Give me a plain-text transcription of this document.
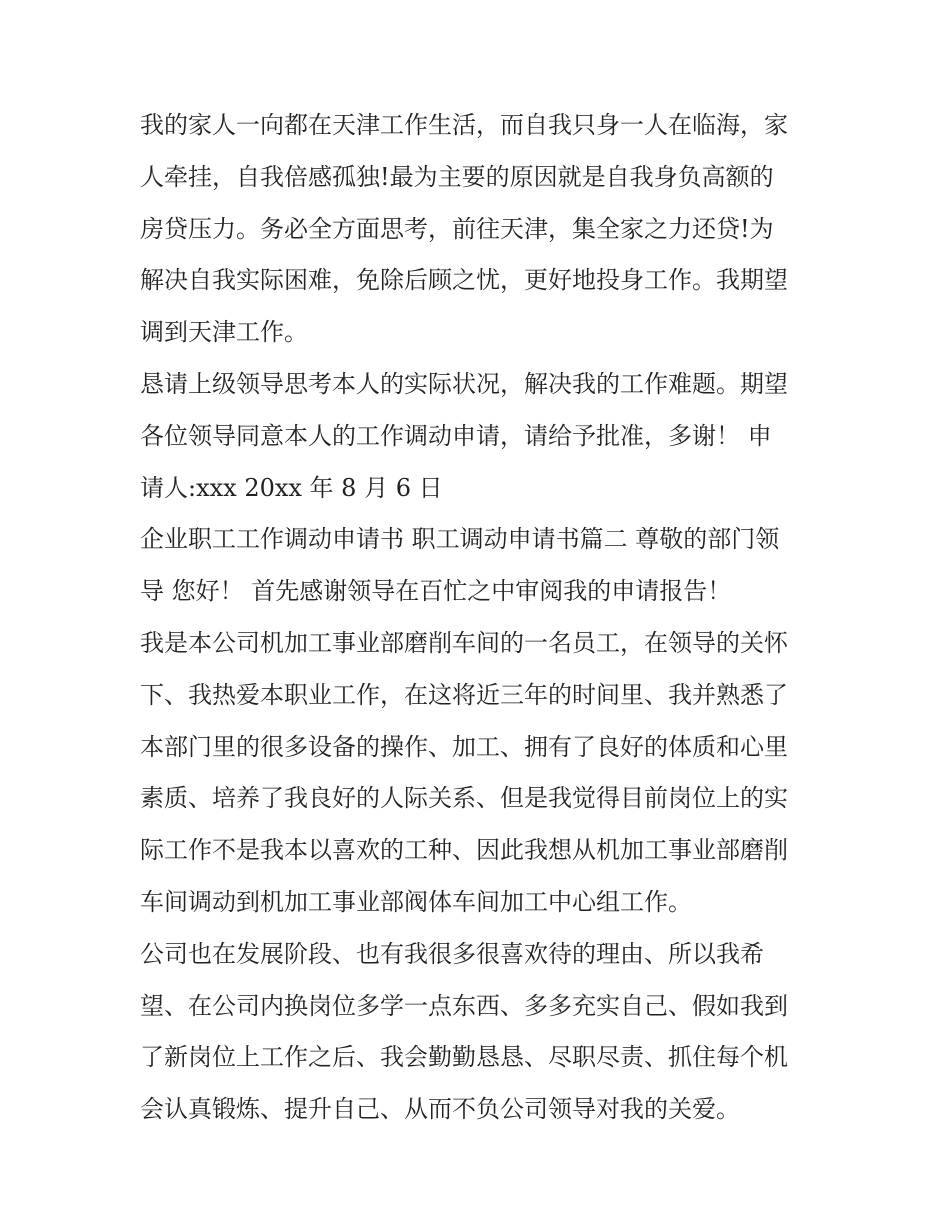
我的家人一向都在天津工作生活，而自我只身一人在临海，家
人牵挂，自我倍感孤独!最为主要的原因就是自我身负高额的
房贷压力。务必全方面思考，前往天津，集全家之力还贷!为
解决自我实际困难，免除后顾之忧，更好地投身工作。我期望
调到天津工作。
恳请上级领导思考本人的实际状况，解决我的工作难题。期望
各位领导同意本人的工作调动申请，请给予批准，多谢！ 申
请人:xxx 20xx 年 8 月 6 日
企业职工工作调动申请书 职工调动申请书篇二 尊敬的部门领
导 您好！ 首先感谢领导在百忙之中审阅我的申请报告！
我是本公司机加工事业部磨削车间的一名员工，在领导的关怀
下、我热爱本职业工作，在这将近三年的时间里、我并熟悉了
本部门里的很多设备的操作、加工、拥有了良好的体质和心里
素质、培养了我良好的人际关系、但是我觉得目前岗位上的实
际工作不是我本以喜欢的工种、因此我想从机加工事业部磨削
车间调动到机加工事业部阀体车间加工中心组工作。
公司也在发展阶段、也有我很多很喜欢待的理由、所以我希
望、在公司内换岗位多学一点东西、多多充实自己、假如我到
了新岗位上工作之后、我会勤勤恳恳、尽职尽责、抓住每个机
会认真锻炼、提升自己、从而不负公司领导对我的关爱。
